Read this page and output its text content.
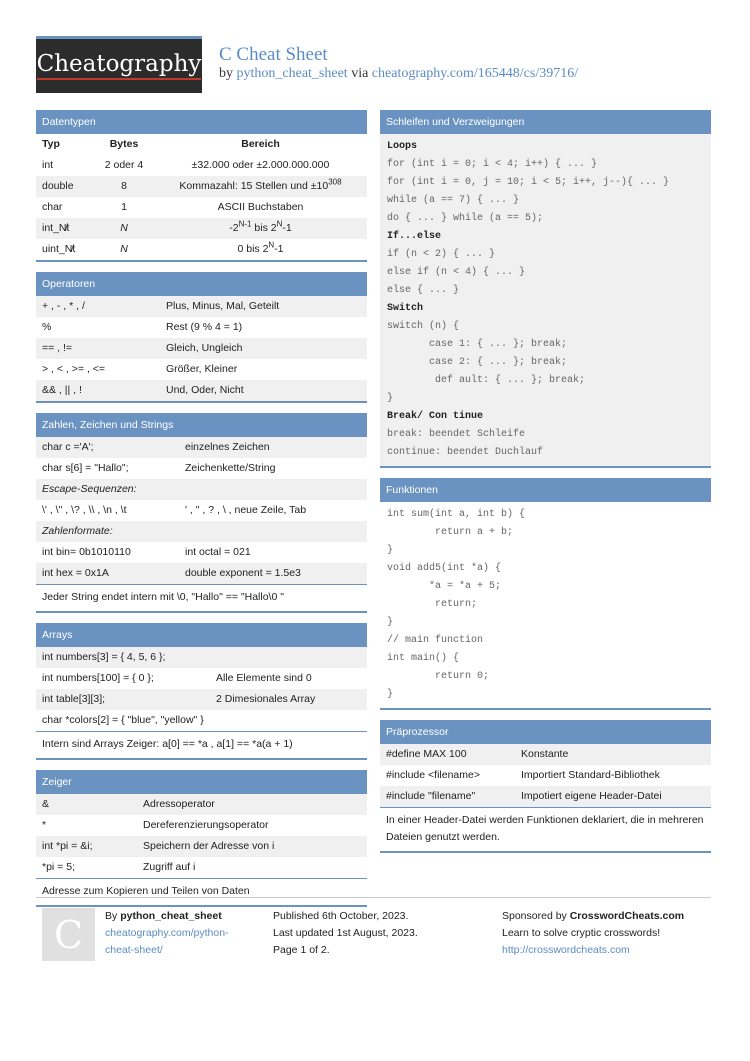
Cheatography C Cheat Sheet
by python_cheat_sheet via cheatography.com/165448/cs/39716/
Datentypen
Typ	Bytes	Bereich
int	2 oder 4	±32.000 oder ±2.000.000.000
double	8	Kommazahl: 15 Stellen und $\pm 10^{308}$
char	1	ASCII Buchstaben
int_N̸t	N	$-2^{N-1}$ bis $2^N-1$
uint_N̸t	N	0 bis $2^N-1$
Operatoren
+ , - , * , /	Plus, Minus, Mal, Geteilt
%	Rest (9 % 4 = 1)
== , !=	Gleich, Ungleich
> , < , >= , <=	Größer, Kleiner
&& , || , !	Und, Oder, Nicht
Zahlen, Zeichen und Strings
char c ='A';	einzelnes Zeichen
char s[6] = "Hallo";	Zeichenkette/String
Escape-Sequenzen:
\' , \" , \? , \\ , \n , \t	' , " , ? , \ , neue Zeile, Tab
Zahlenformate:
int bin= 0b1010110	int octal = 021
int hex = 0x1A	double exponent = 1.5e3
Jeder String endet intern mit \0, "Hallo" == "Hallo\0 "
Arrays
int numbers[3] = { 4, 5, 6 };
int numbers[100] = { 0 };	Alle Elemente sind 0
int table[3][3];	2 Dimesionales Array
char *colors[2] = { "blue", "yellow" }
Intern sind Arrays Zeiger: a[0] == *a , a[1] == *a(a + 1)
Zeiger
&	Adressoperator
*	Dereferenzierungsoperator
int *pi = &i;	Speichern der Adresse von i
*pi = 5;	Zugriff auf i
Adresse zum Kopieren und Teilen von Daten
Schleifen und Verzweigungen
Loops
for (int i = 0; i < 4; i++) { ... }
for (int i = 0, j = 10; i < 5; i++, j--){ ... }
while (a == 7) { ... }
do { ... } while (a == 5);
If...else
if (n < 2) { ... }
else if (n < 4) { ... }
else { ... }
Switch
switch (n) {
case 1: { ... }; break;
case 2: { ... }; break;
def ault: { ... }; break;
}
Break/ Con tinue
break: beendet Schleife
continue: beendet Duchlauf
Funktionen
int sum(int a, int b) {
return a + b;
}
void add5(int *a) {
*a = *a + 5;
return;
}
// main function
int main() {
return 0;
}
Präprozessor
#define MAX 100	Konstante
#include <filename>	Importiert Standard-Bibliothek
#include "filename"	Impotiert eigene Header-Datei
In einer Header-Datei werden Funktionen deklariert, die in mehreren Dateien genutzt werden.
C By python_cheat_sheet
cheatography.com/python-
cheat-sheet/
Published 6th October, 2023.
Last updated 1st August, 2023.
Page 1 of 2.
Sponsored by CrosswordCheats.com
Learn to solve cryptic crosswords!
http://crosswordcheats.com
